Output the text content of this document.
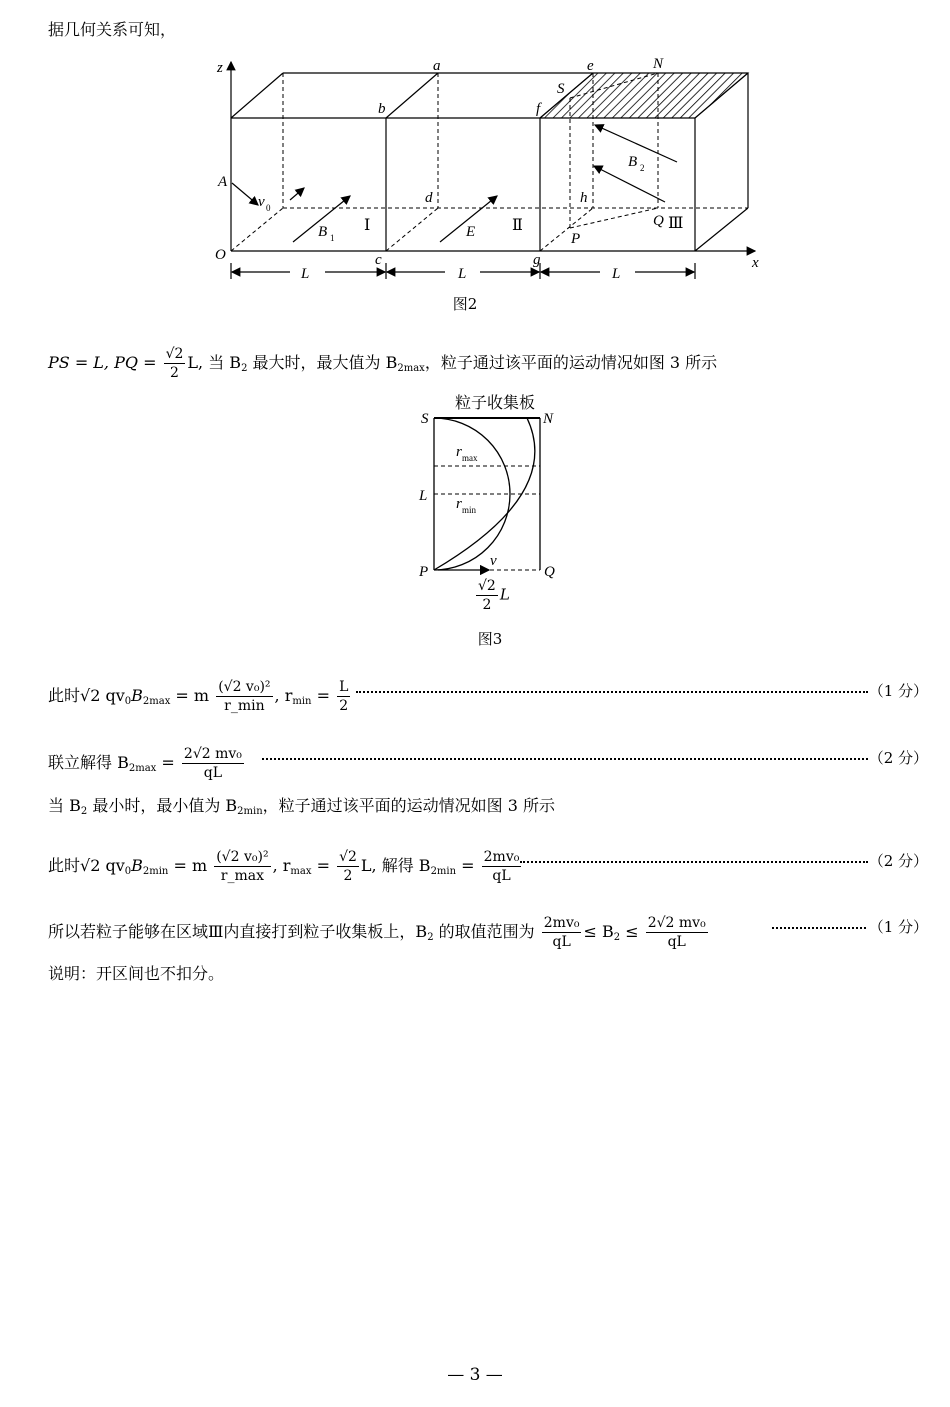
据几何关系可知，
z
x
O
A
a
b
c
d
e
f
g
h
N
S
P
Q
v 0
B 1	E
B 2
L	L	L
Ⅰ	Ⅱ	Ⅲ
图2
PS = L, PQ = $\frac{√2}{2} L$, 当 $B_2$ 最大时，最大值为 $B_{2max}$，粒子通过该平面的运动情况如图 3 所示
粒子收集板
S	N
L
P	Q
r max
r min
v
$\frac{√2}{2}$ L
图3
此时√2 $qv_0B_{2max} = m \frac{\text{(√2 v₀)²}}{r\_\min}$ , $r_{min} = \frac{L}{2}$	（1 分）
联立解得 $B_{2max} = \frac{\text{2√2 mv₀}}{qL}$	（2 分）
当 $B_2$ 最小时，最小值为 $B_{2min}$，粒子通过该平面的运动情况如图 3 所示
此时√2 $qv_0B_{2min} = m \frac{\text{(√2 v₀)²}}{r\_\max}$ , $r_{max} = \frac{√2}{2} L$, 解得 $B_{2min} = \frac{\text{2mv₀}}{qL}$	（2 分）
所以若粒子能够在区域Ⅲ内直接打到粒子收集板上，$B_2$ 的取值范围为 $\frac{\text{2mv₀}}{qL} \le B_2 \le \frac{\text{2√2 mv₀}}{qL}$	（1 分）
说明：开区间也不扣分。
— 3 —
